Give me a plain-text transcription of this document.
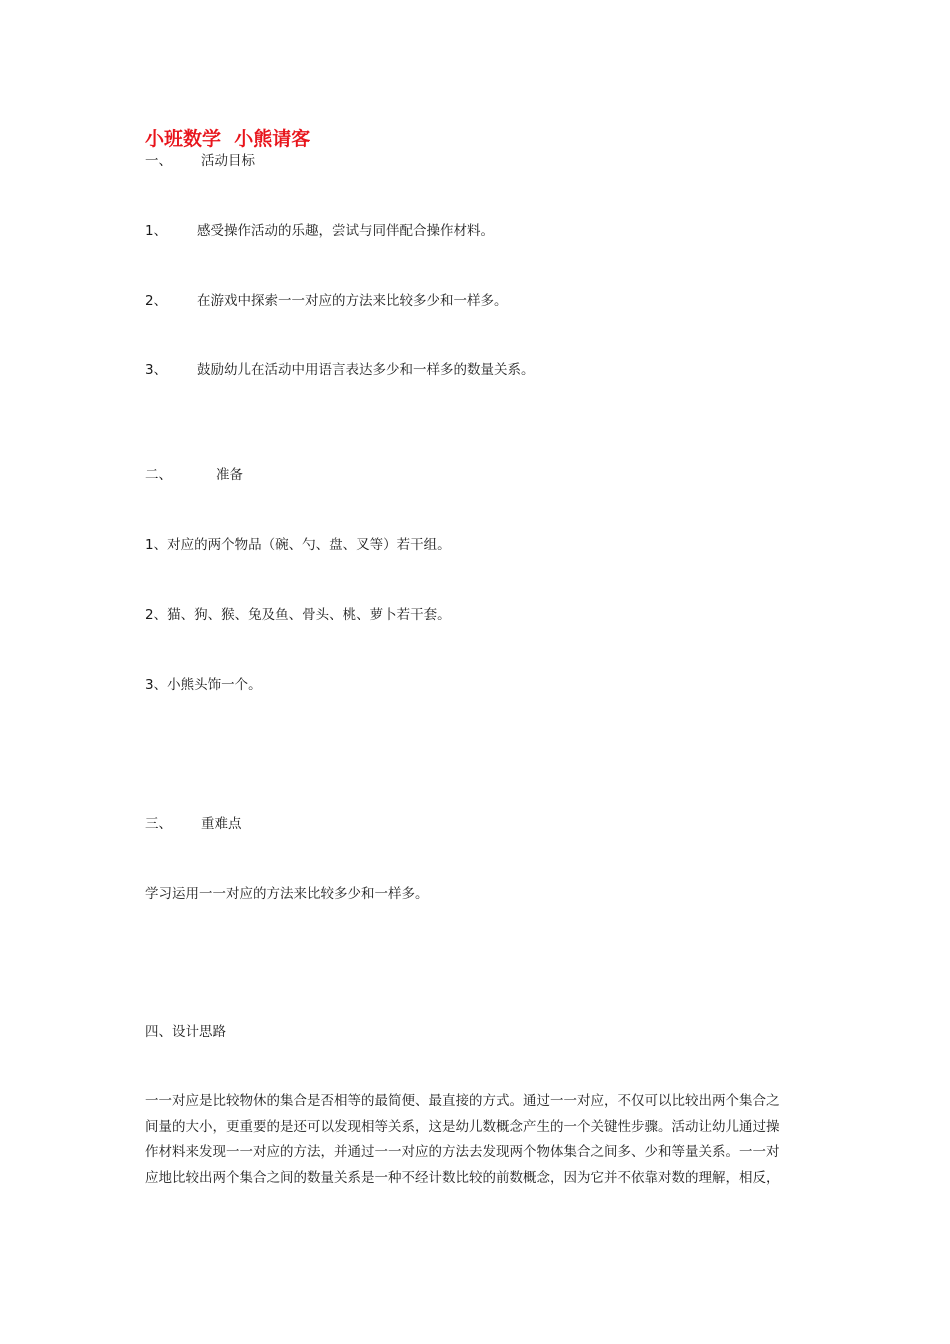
小班数学  小熊请客

一、 活动目标

1、 感受操作活动的乐趣，尝试与同伴配合操作材料。

2、 在游戏中探索一一对应的方法来比较多少和一样多。

3、 鼓励幼儿在活动中用语言表达多少和一样多的数量关系。

二、	准备

1、对应的两个物品（碗、勺、盘、叉等）若干组。

2、猫、狗、猴、兔及鱼、骨头、桃、萝卜若干套。

3、小熊头饰一个。

三、 重难点

学习运用一一对应的方法来比较多少和一样多。

四、设计思路

一一对应是比较物休的集合是否相等的最简便、最直接的方式。通过一一对应，不仅可以比较出两个集合之
间量的大小，更重要的是还可以发现相等关系，这是幼儿数概念产生的一个关键性步骤。活动让幼儿通过操
作材料来发现一一对应的方法，并通过一一对应的方法去发现两个物体集合之间多、少和等量关系。一一对
应地比较出两个集合之间的数量关系是一种不经计数比较的前数概念，因为它并不依靠对数的理解，相反，
